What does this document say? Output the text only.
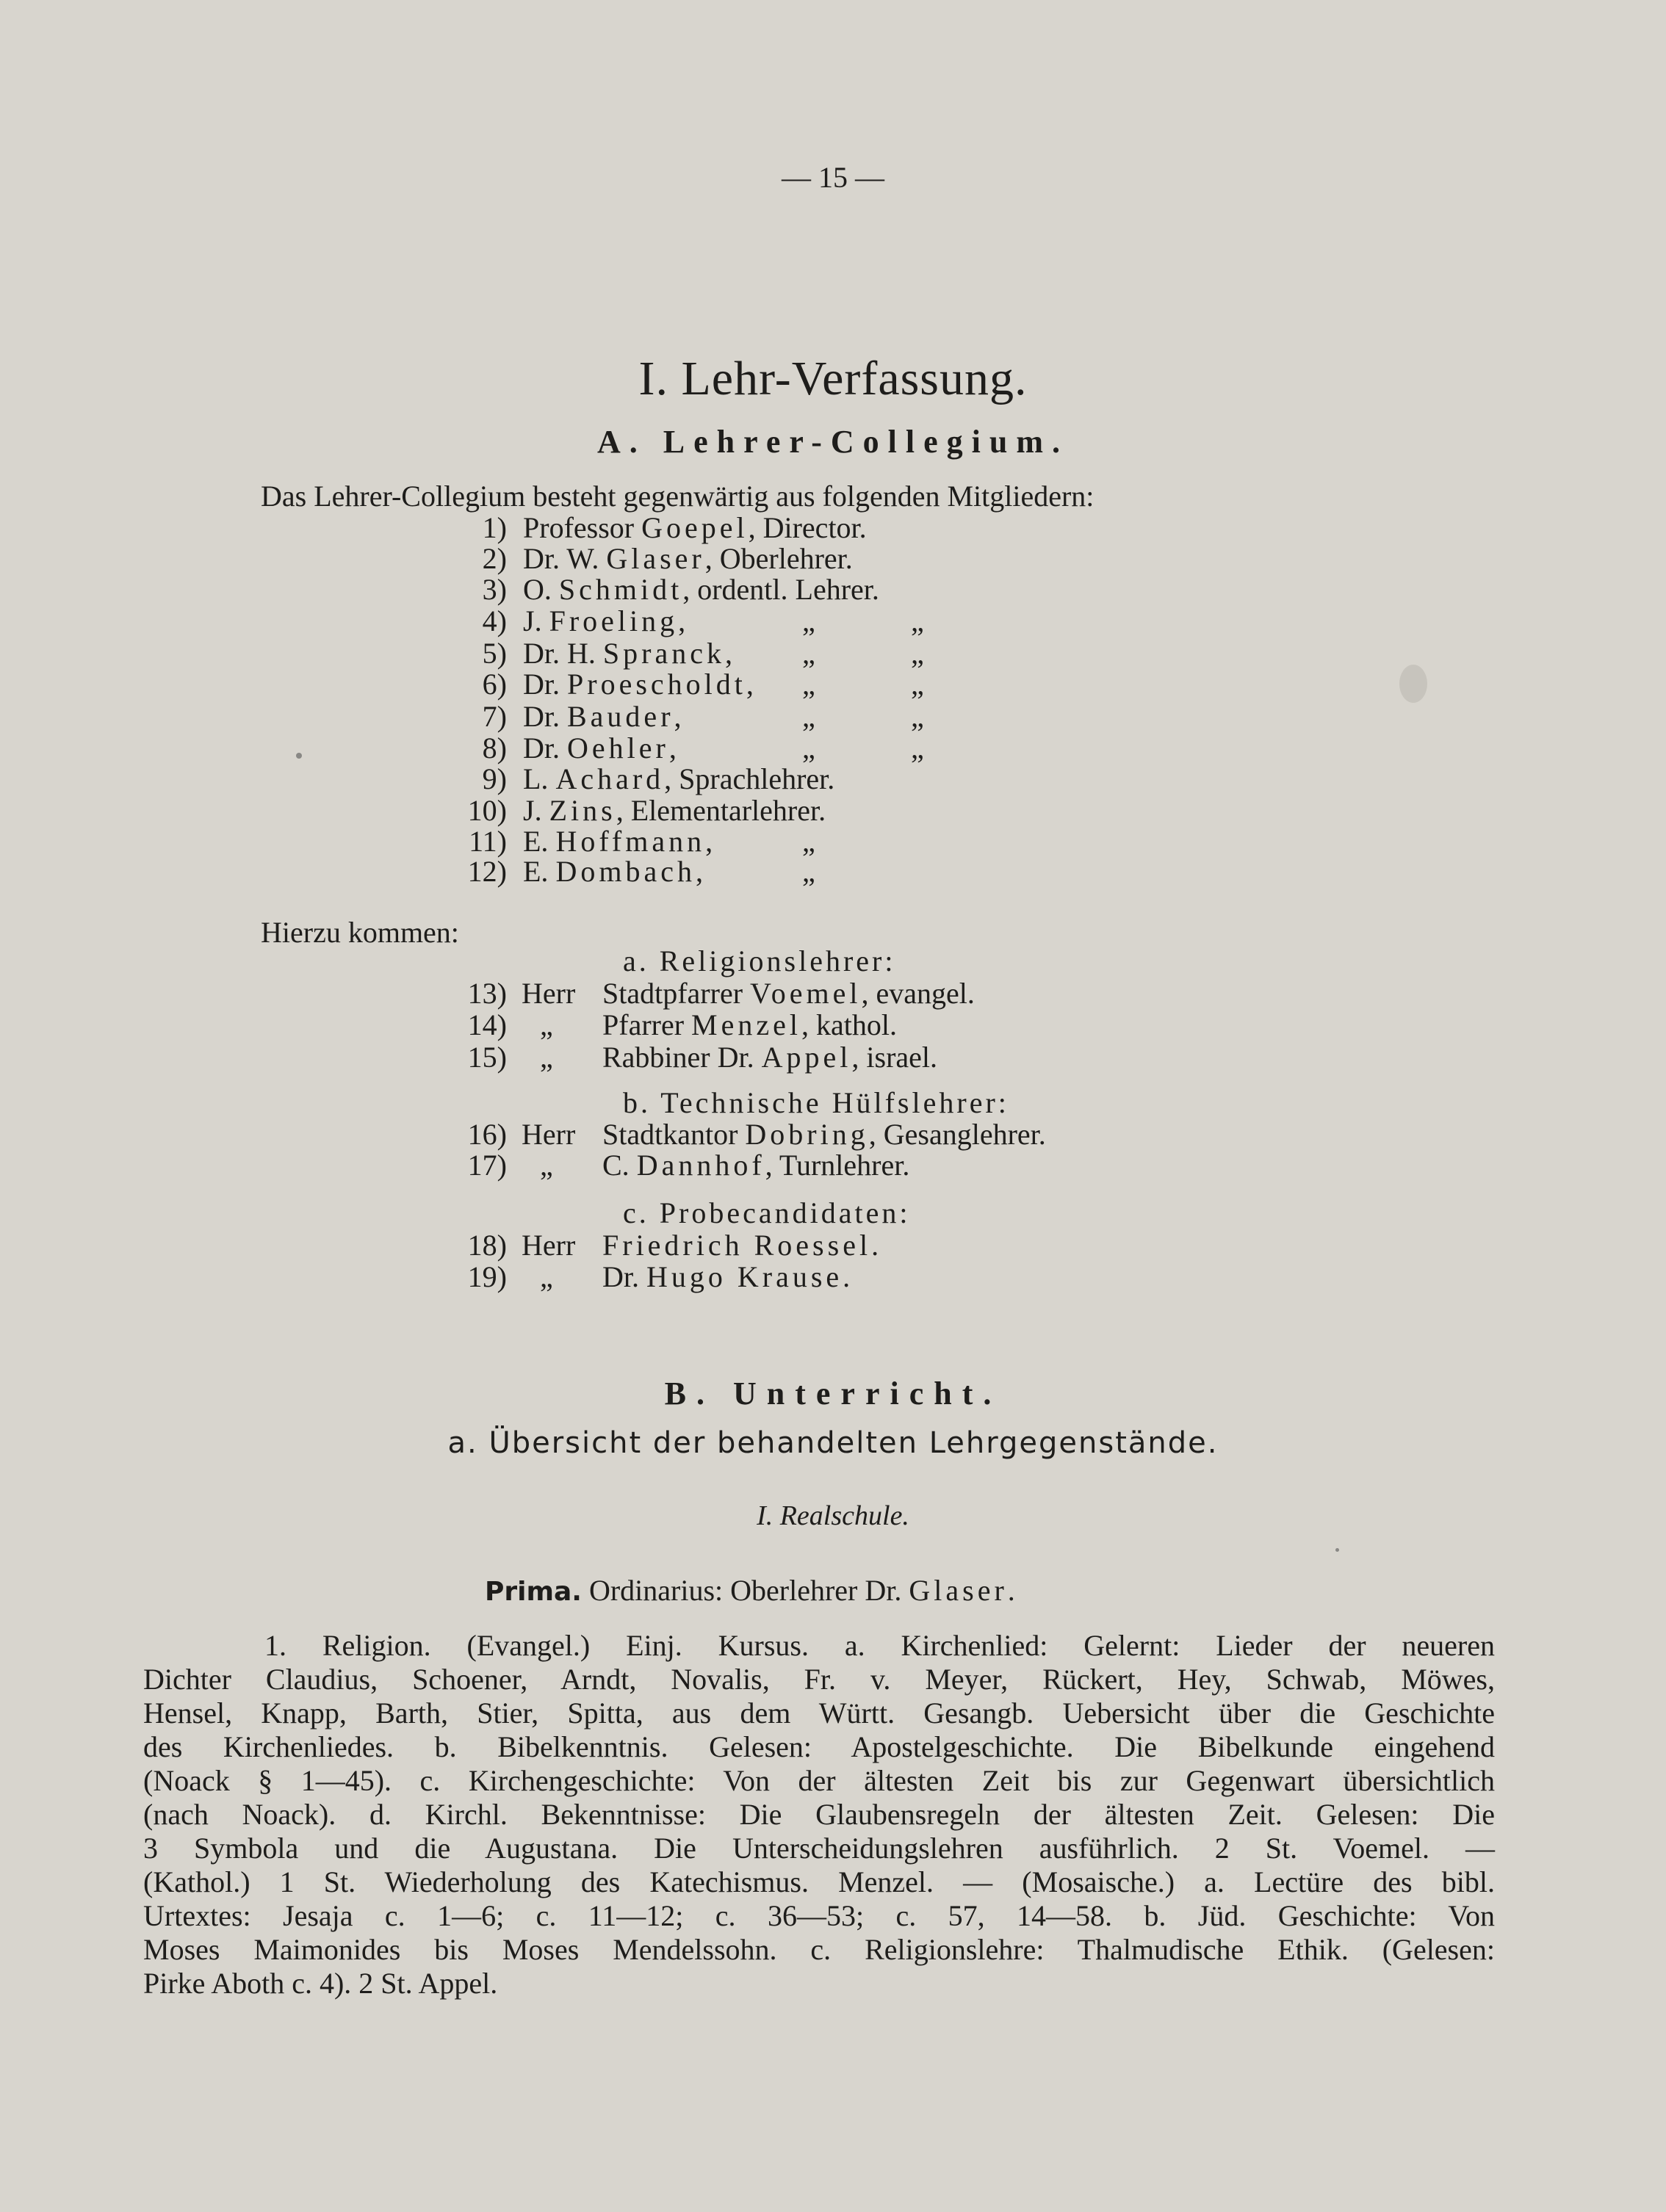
— 15 —
I. Lehr-Verfassung.
A. Lehrer-Collegium.
Das Lehrer-Collegium besteht gegenwärtig aus folgenden Mitgliedern:
1) Professor Goepel, Director.
2) Dr. W. Glaser, Oberlehrer.
3) O. Schmidt, ordentl. Lehrer.
4) J. Froeling,	„	„
5) Dr. H. Spranck, „	„
6) Dr. Proescholdt, „	„
7) Dr. Bauder,	„	„
8) Dr. Oehler,	„	„
9) L. Achard, Sprachlehrer.
10) J. Zins, Elementarlehrer.
11) E. Hoffmann,	„
12) E. Dombach,	„
Hierzu kommen:
a. Religionslehrer:
13) Herr Stadtpfarrer Voemel, evangel.
14) „ Pfarrer Menzel, kathol.
15) „ Rabbiner Dr. Appel, israel.
b. Technische Hülfslehrer:
16) Herr Stadtkantor Dobring, Gesanglehrer.
17) „ C. Dannhof, Turnlehrer.
c. Probecandidaten:
18) Herr Friedrich Roessel.
19) „ Dr. Hugo Krause.
B. Unterricht.
a. Übersicht der behandelten Lehrgegenstände.
I. Realschule.
Prima. Ordinarius: Oberlehrer Dr. Glaser.
1. Religion. (Evangel.) Einj. Kursus. a. Kirchenlied: Gelernt: Lieder der neueren
Dichter Claudius, Schoener, Arndt, Novalis, Fr. v. Meyer, Rückert, Hey, Schwab, Möwes,
Hensel, Knapp, Barth, Stier, Spitta, aus dem Württ. Gesangb. Uebersicht über die Geschichte
des Kirchenliedes. b. Bibelkenntnis. Gelesen: Apostelgeschichte. Die Bibelkunde eingehend
(Noack § 1—45). c. Kirchengeschichte: Von der ältesten Zeit bis zur Gegenwart übersichtlich
(nach Noack). d. Kirchl. Bekenntnisse: Die Glaubensregeln der ältesten Zeit. Gelesen: Die
3 Symbola und die Augustana. Die Unterscheidungslehren ausführlich. 2 St. Voemel. —
(Kathol.) 1 St. Wiederholung des Katechismus. Menzel. — (Mosaische.) a. Lectüre des bibl.
Urtextes: Jesaja c. 1—6; c. 11—12; c. 36—53; c. 57, 14—58. b. Jüd. Geschichte: Von
Moses Maimonides bis Moses Mendelssohn. c. Religionslehre: Thalmudische Ethik. (Gelesen:
Pirke Aboth c. 4). 2 St. Appel.
